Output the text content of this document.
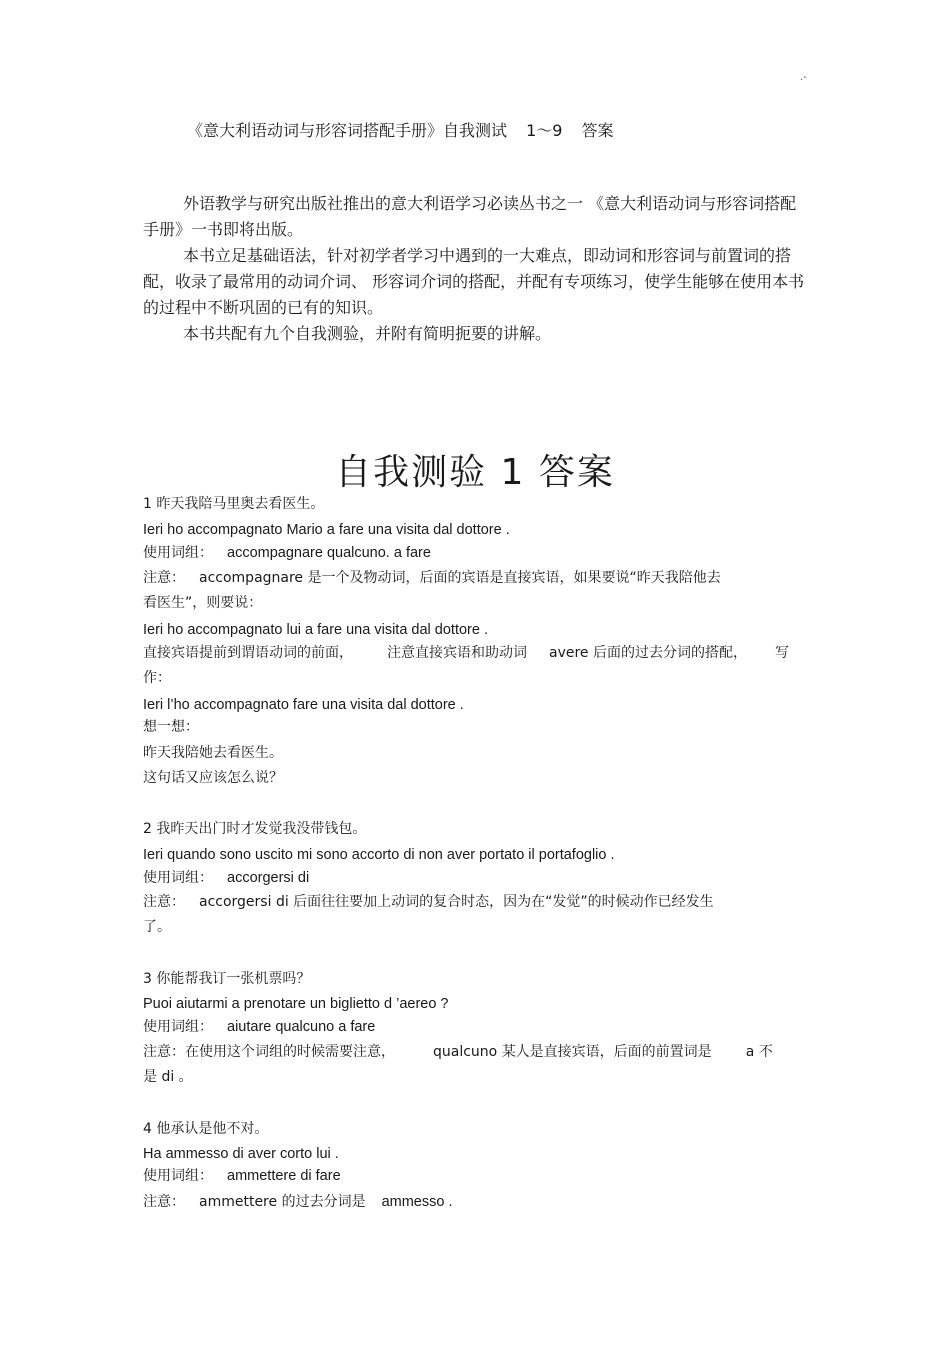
.-
《意大利语动词与形容词搭配手册》自我测试 1～9 答案

外语教学与研究出版社推出的意大利语学习必读丛书之一 《意大利语动词与形容词搭配手册》一书即将出版。

本书立足基础语法，针对初学者学习中遇到的一大难点，即动词和形容词与前置词的搭配，收录了最常用的动词介词、 形容词介词的搭配，并配有专项练习，使学生能够在使用本书的过程中不断巩固的已有的知识。

本书共配有九个自我测验，并附有简明扼要的讲解。

自我测验 1 答案
1 昨天我陪马里奥去看医生。
Ieri ho accompagnato Mario a fare una visita dal dottore .
使用词组： accompagnare qualcuno. a fare
注意： accompagnare 是一个及物动词，后面的宾语是直接宾语，如果要说“昨天我陪他去
看医生”，则要说：
Ieri ho accompagnato lui a fare una visita dal dottore .
直接宾语提前到谓语动词的前面， 注意直接宾语和助动词 avere 后面的过去分词的搭配， 写
作：
Ieri l’ho accompagnato fare una visita dal dottore .
想一想：
昨天我陪她去看医生。
这句话又应该怎么说？
2 我昨天出门时才发觉我没带钱包。
Ieri quando sono uscito mi sono accorto di non aver portato il portafoglio .
使用词组： accorgersi di
注意： accorgersi di 后面往往要加上动词的复合时态，因为在“发觉”的时候动作已经发生
了。
3 你能帮我订一张机票吗？
Puoi aiutarmi a prenotare un biglietto d ’aereo ?
使用词组： aiutare qualcuno a fare
注意：在使用这个词组的时候需要注意，	qualcuno 某人是直接宾语，后面的前置词是 a 不
是 di 。
4 他承认是他不对。
Ha ammesso di aver corto lui .
使用词组： ammettere di fare
注意： ammettere 的过去分词是 ammesso .
